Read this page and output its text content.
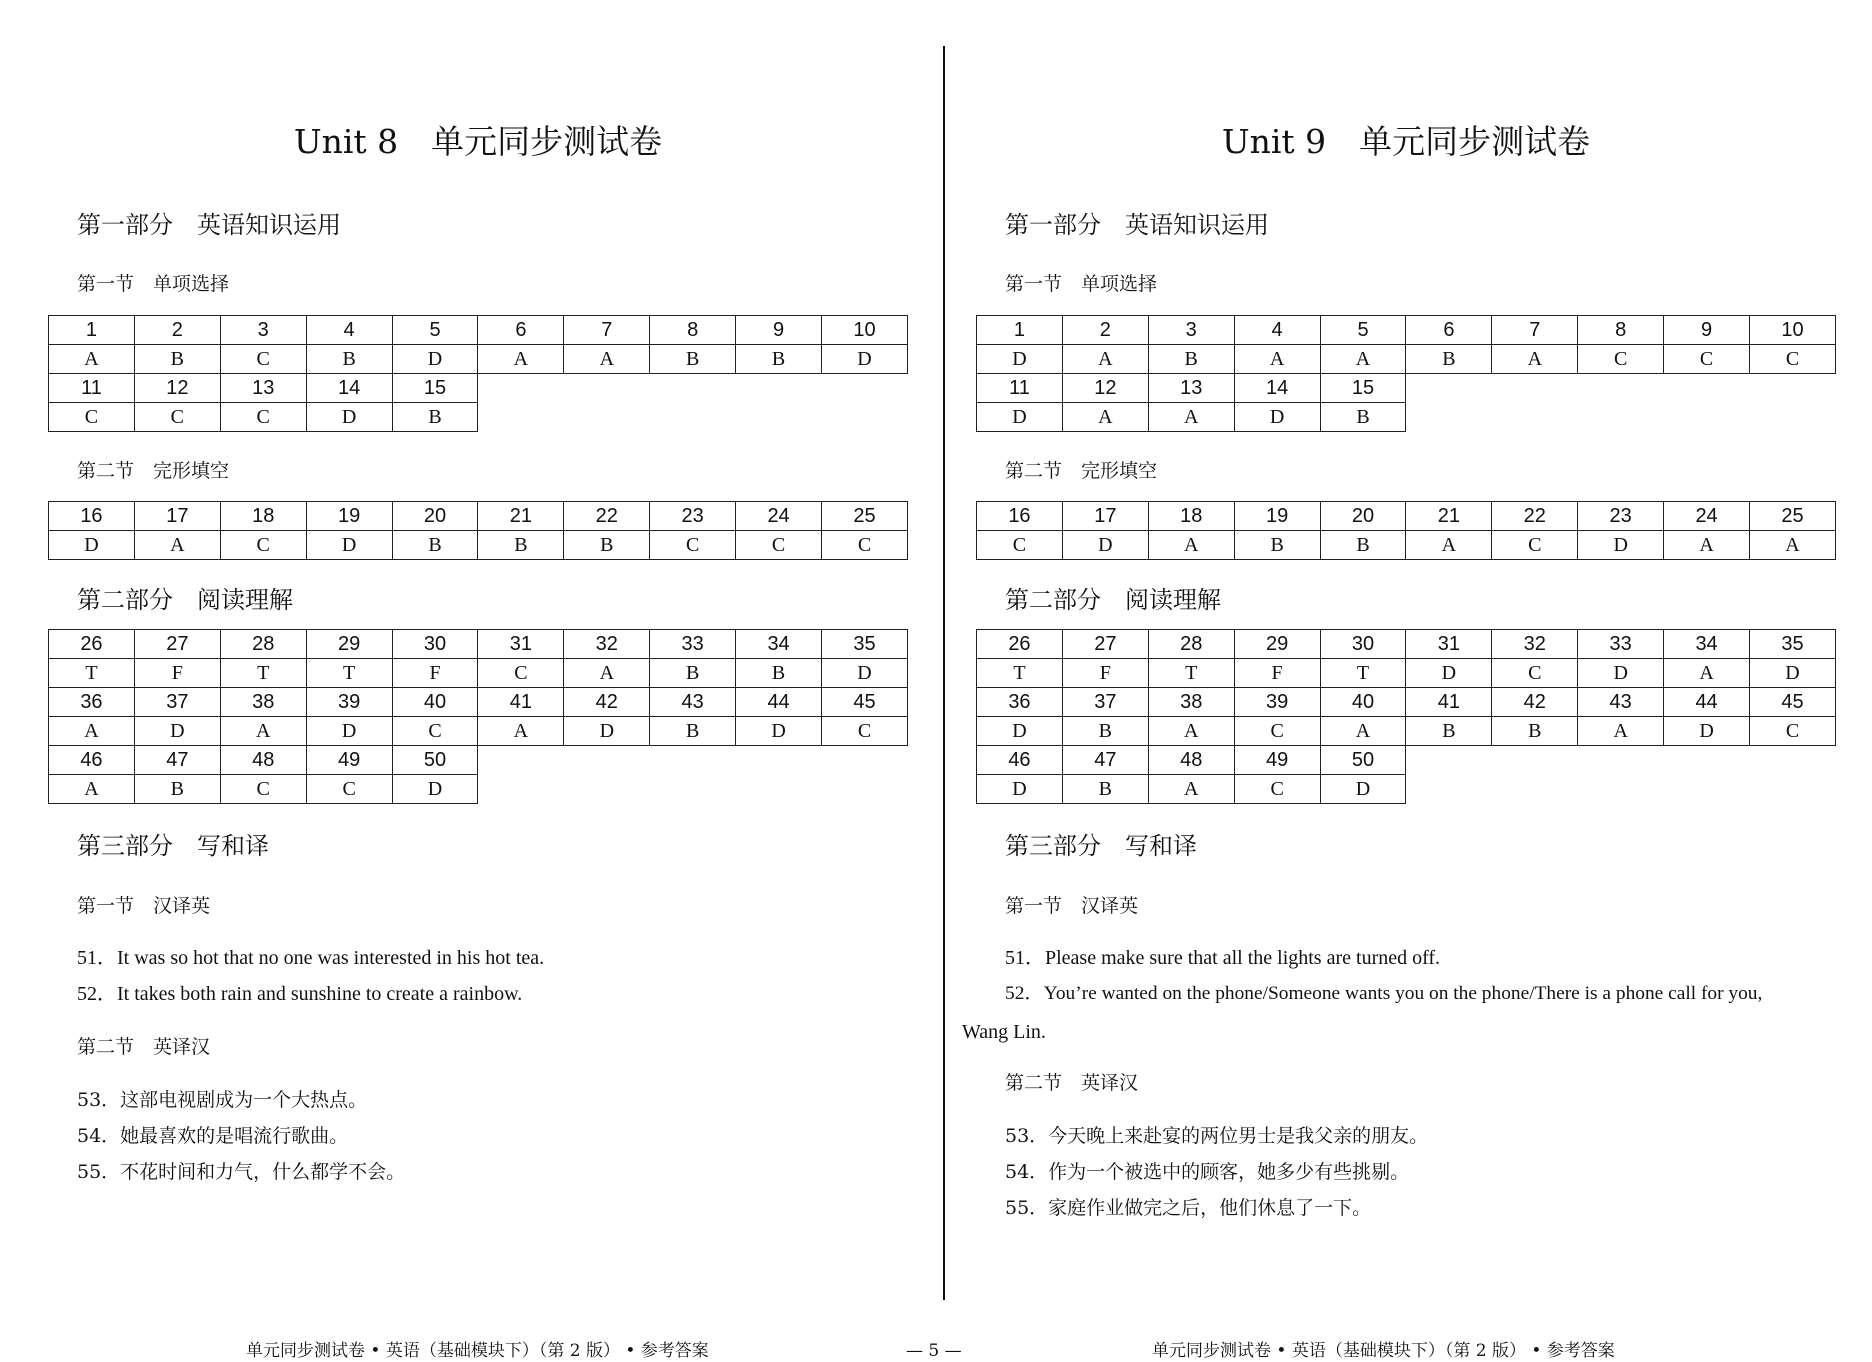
Unit 8　单元同步测试卷
第一部分　英语知识运用
第一节　单项选择
1	2	3	4	5	6	7	8	9	10
A	B	C	B	D	A	A	B	B	D
11	12	13	14	15					
C	C	C	D	B					
第二节　完形填空
16	17	18	19	20	21	22	23	24	25
D	A	C	D	B	B	B	C	C	C
第二部分　阅读理解
26	27	28	29	30	31	32	33	34	35
T	F	T	T	F	C	A	B	B	D
36	37	38	39	40	41	42	43	44	45
A	D	A	D	C	A	D	B	D	C
46	47	48	49	50					
A	B	C	C	D					
第三部分　写和译
第一节　汉译英
51．It was so hot that no one was interested in his hot tea.
52．It takes both rain and sunshine to create a rainbow.
第二节　英译汉
53．这部电视剧成为一个大热点。
54．她最喜欢的是唱流行歌曲。
55．不花时间和力气，什么都学不会。
Unit 9　单元同步测试卷
第一部分　英语知识运用
第一节　单项选择
1	2	3	4	5	6	7	8	9	10
D	A	B	A	A	B	A	C	C	C
11	12	13	14	15					
D	A	A	D	B					
第二节　完形填空
16	17	18	19	20	21	22	23	24	25
C	D	A	B	B	A	C	D	A	A
第二部分　阅读理解
26	27	28	29	30	31	32	33	34	35
T	F	T	F	T	D	C	D	A	D
36	37	38	39	40	41	42	43	44	45
D	B	A	C	A	B	B	A	D	C
46	47	48	49	50					
D	B	A	C	D					
第三部分　写和译
第一节　汉译英
51．Please make sure that all the lights are turned off.
52．You’re wanted on the phone/Someone wants you on the phone/There is a phone call for you,
Wang Lin.
第二节　英译汉
53．今天晚上来赴宴的两位男士是我父亲的朋友。
54．作为一个被选中的顾客，她多少有些挑剔。
55．家庭作业做完之后，他们休息了一下。
单元同步测试卷 • 英语（基础模块下）（第 2 版） • 参考答案	— 5 —	单元同步测试卷 • 英语（基础模块下）（第 2 版） • 参考答案
